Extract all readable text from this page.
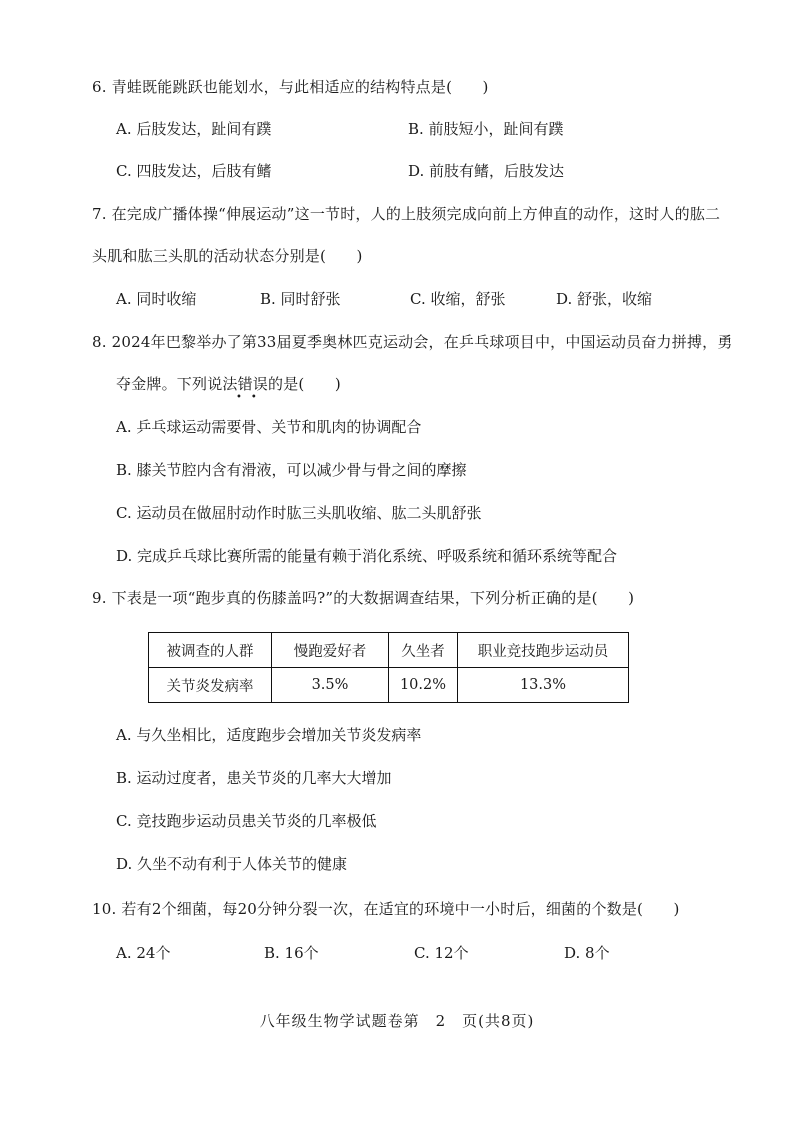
6. 青蛙既能跳跃也能划水，与此相适应的结构特点是(　　)
A. 后肢发达，趾间有蹼	B. 前肢短小，趾间有蹼
C. 四肢发达，后肢有鳍	D. 前肢有鳍，后肢发达
7. 在完成广播体操“伸展运动”这一节时，人的上肢须完成向前上方伸直的动作，这时人的肱二
头肌和肱三头肌的活动状态分别是(　　)
A. 同时收缩	B. 同时舒张	C. 收缩，舒张	D. 舒张，收缩
8. 2024年巴黎举办了第33届夏季奥林匹克运动会，在乒乓球项目中，中国运动员奋力拼搏，勇
夺金牌。下列说法错误的是(　　)
••
A. 乒乓球运动需要骨、关节和肌肉的协调配合
B. 膝关节腔内含有滑液，可以减少骨与骨之间的摩擦
C. 运动员在做屈肘动作时肱三头肌收缩、肱二头肌舒张
D. 完成乒乓球比赛所需的能量有赖于消化系统、呼吸系统和循环系统等配合
9. 下表是一项“跑步真的伤膝盖吗?”的大数据调查结果，下列分析正确的是(　　)
被调查的人群	慢跑爱好者	久坐者	职业竞技跑步运动员
关节炎发病率	3.5%	10.2%	13.3%
A. 与久坐相比，适度跑步会增加关节炎发病率
B. 运动过度者，患关节炎的几率大大增加
C. 竞技跑步运动员患关节炎的几率极低
D. 久坐不动有利于人体关节的健康
10. 若有2个细菌，每20分钟分裂一次，在适宜的环境中一小时后，细菌的个数是(　　)
A. 24个	B. 16个	C. 12个	D. 8个
八年级生物学试题卷第　2　页(共8页)
